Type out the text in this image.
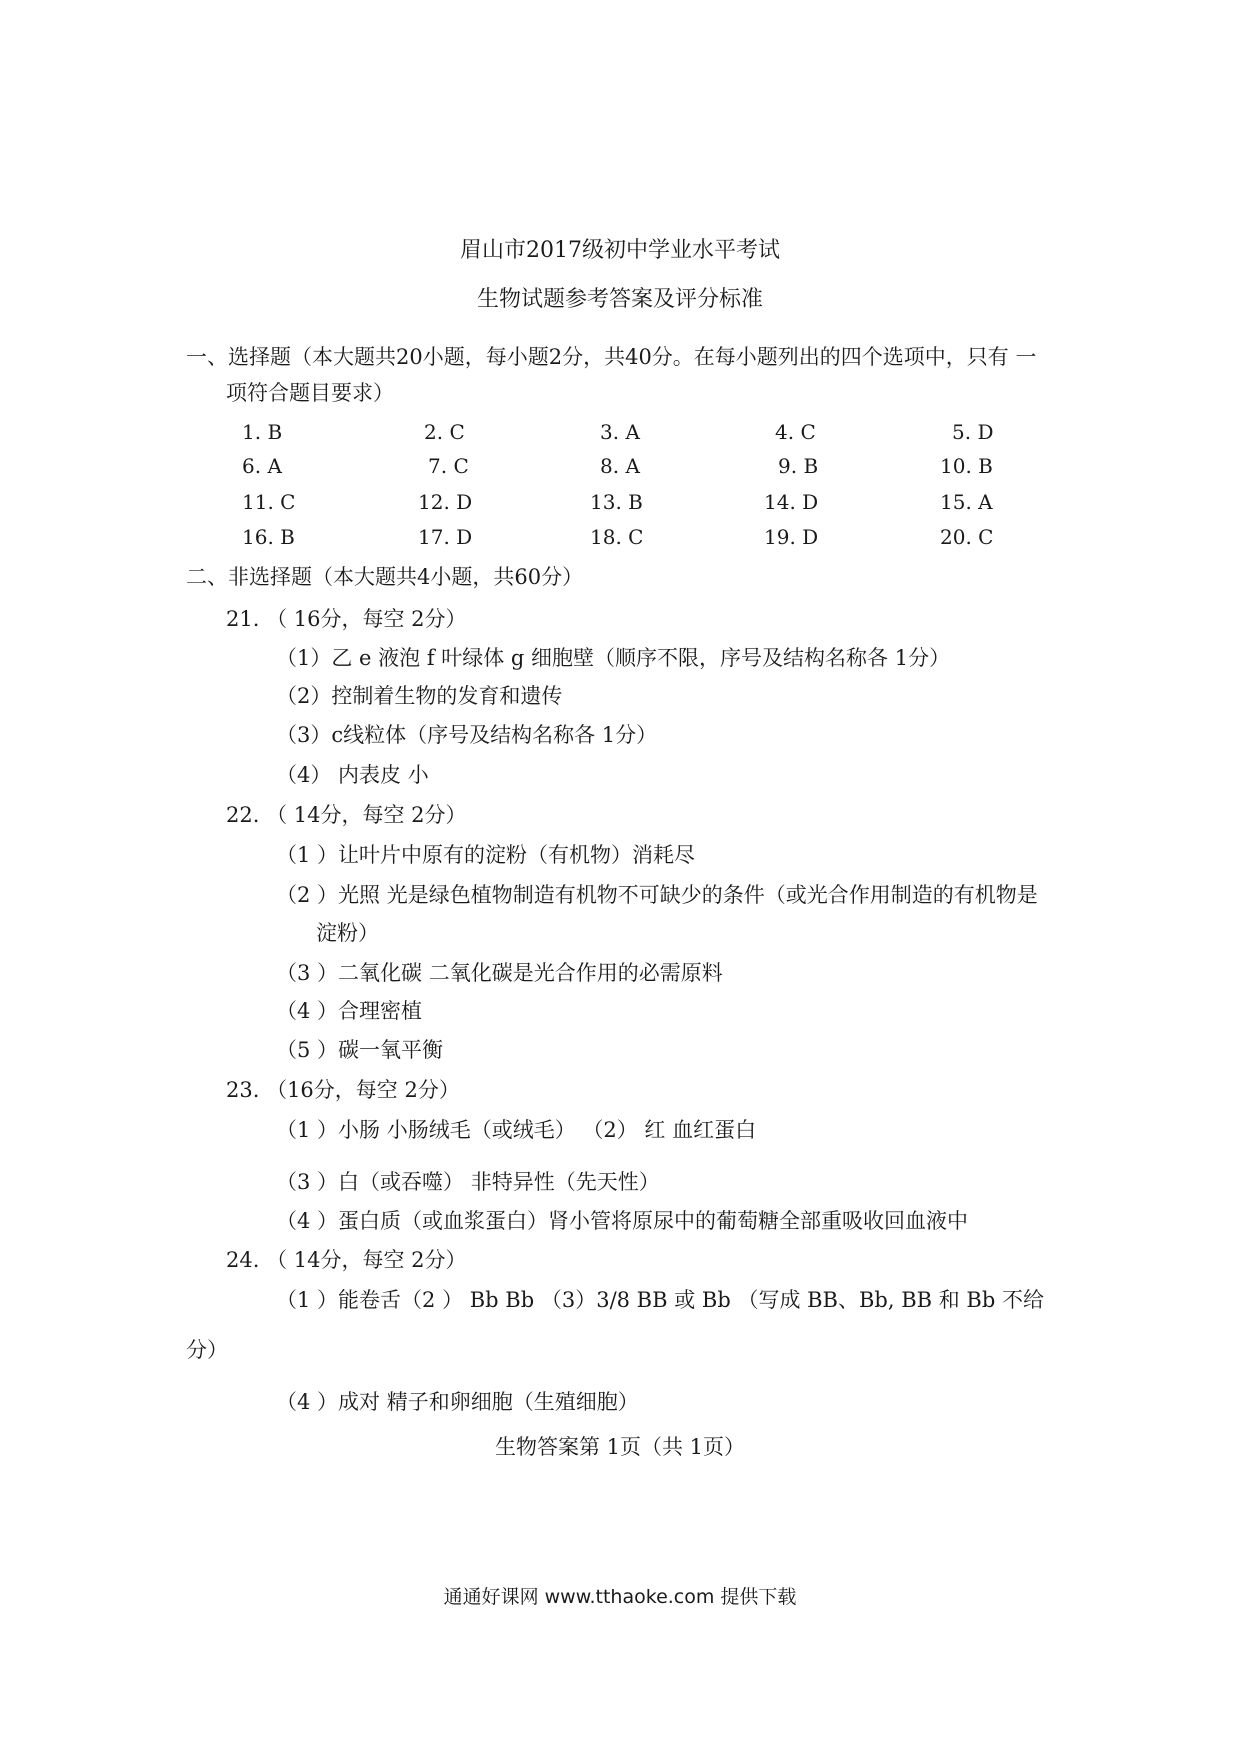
眉山市2017级初中学业水平考试
生物试题参考答案及评分标准
一、选择题（本大题共20小题，每小题2分，共40分。在每小题列出的四个选项中，只有 一
项符合题目要求）
1. B	2. C	3. A	4. C	5. D
6. A	7. C	8. A	9. B	10. B
11. C	12. D	13. B	14. D	15. A
16. B	17. D	18. C	19. D	20. C
二、非选择题（本大题共4小题，共60分）
21. （ 16分，每空 2分）
（1）乙 e 液泡 f 叶绿体 g 细胞壁（顺序不限，序号及结构名称各 1分）
（2）控制着生物的发育和遗传
（3）c线粒体（序号及结构名称各 1分）
（4） 内表皮 小
22. （ 14分，每空 2分）
（1 ）让叶片中原有的淀粉（有机物）消耗尽
（2 ）光照 光是绿色植物制造有机物不可缺少的条件（或光合作用制造的有机物是
淀粉）
（3 ）二氧化碳 二氧化碳是光合作用的必需原料
（4 ）合理密植
（5 ）碳一氧平衡
23. （16分，每空 2分）
（1 ）小肠 小肠绒毛（或绒毛） （2） 红 血红蛋白
（3 ）白（或吞噬） 非特异性（先天性）
（4 ）蛋白质（或血浆蛋白）肾小管将原尿中的葡萄糖全部重吸收回血液中
24. （ 14分，每空 2分）
（1 ）能卷舌（2 ） Bb Bb （3）3/8 BB 或 Bb （写成 BB、Bb, BB 和 Bb 不给
分）
（4 ）成对 精子和卵细胞（生殖细胞）
生物答案第 1页（共 1页）
通通好课网 www.tthaoke.com 提供下载
